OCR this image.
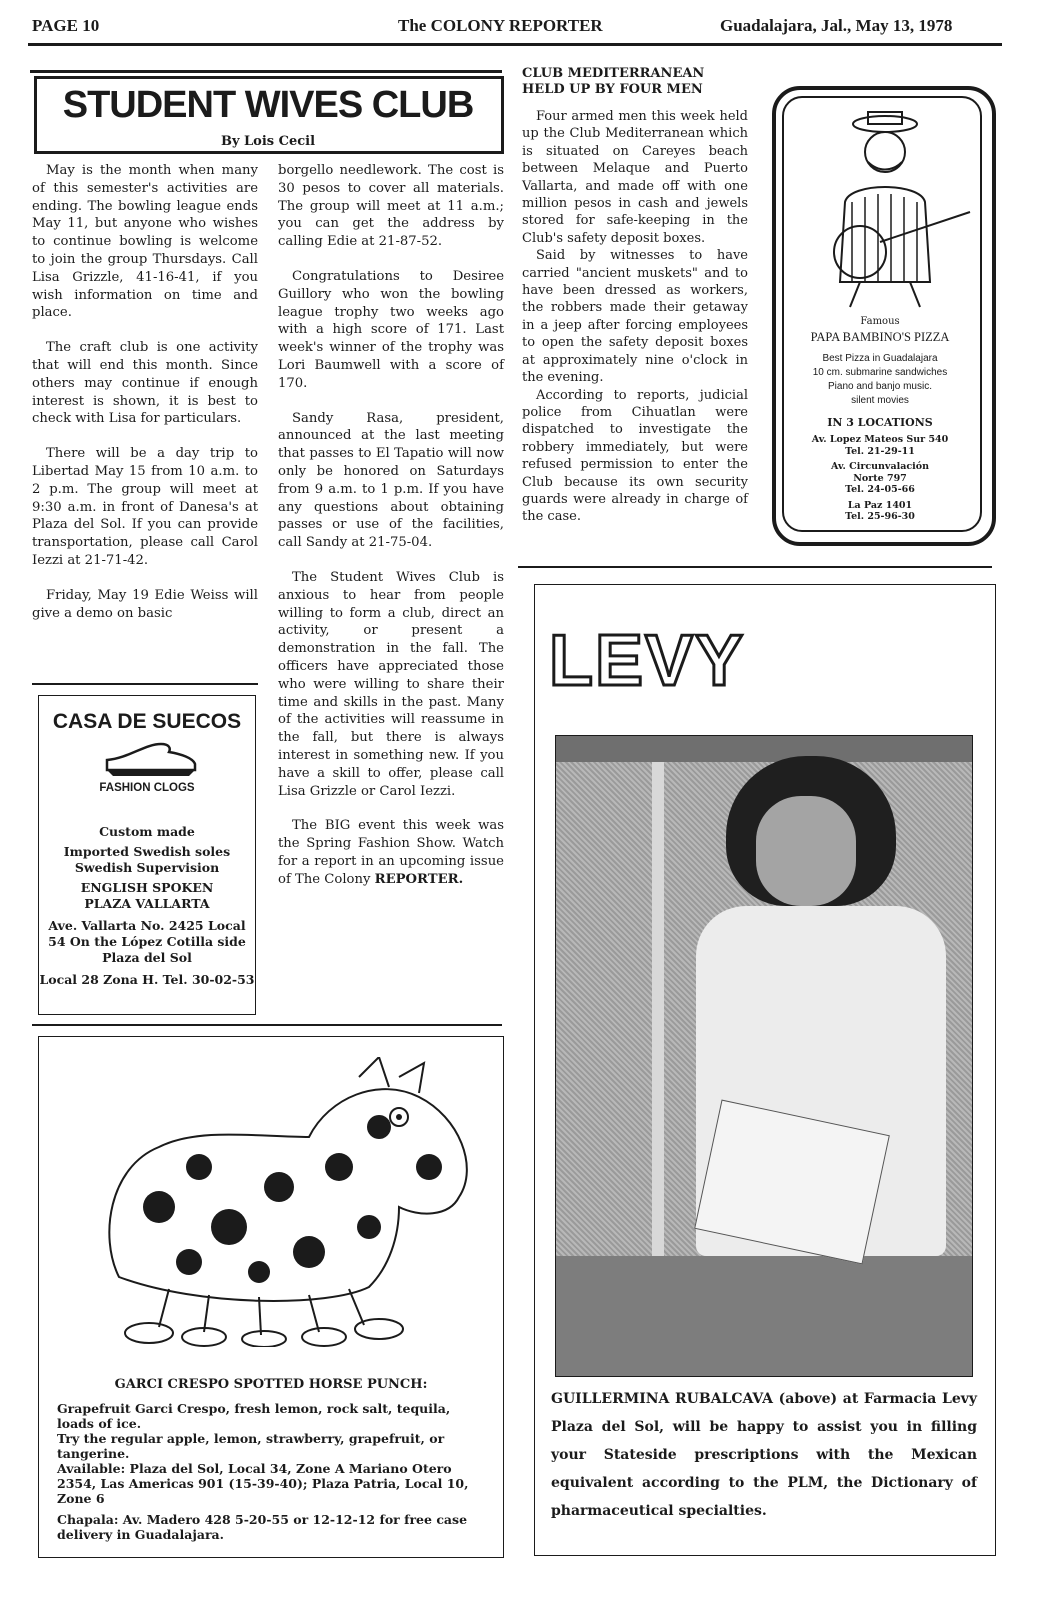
PAGE 10	The COLONY REPORTER	Guadalajara, Jal., May 13, 1978
STUDENT WIVES CLUB
By Lois Cecil

May is the month when many of this semester's activities are ending. The bowling league ends May 11, but anyone who wishes to continue bowling is welcome to join the group Thursdays. Call Lisa Grizzle, 41-16-41, if you wish information on time and place.

The craft club is one activity that will end this month. Since others may continue if enough interest is shown, it is best to check with Lisa for particulars.

There will be a day trip to Libertad May 15 from 10 a.m. to 2 p.m. The group will meet at 9:30 a.m. in front of Danesa's at Plaza del Sol. If you can provide transportation, please call Carol Iezzi at 21-71-42.

Friday, May 19 Edie Weiss will give a demo on basic

borgello needlework. The cost is 30 pesos to cover all materials. The group will meet at 11 a.m.; you can get the address by calling Edie at 21-87-52.

Congratulations to Desiree Guillory who won the bowling league trophy two weeks ago with a high score of 171. Last week's winner of the trophy was Lori Baumwell with a score of 170.

Sandy Rasa, president, announced at the last meeting that passes to El Tapatio will now only be honored on Saturdays from 9 a.m. to 1 p.m. If you have any questions about obtaining passes or use of the facilities, call Sandy at 21-75-04.

The Student Wives Club is anxious to hear from people willing to form a club, direct an activity, or present a demonstration in the fall. The officers have appreciated those who were willing to share their time and skills in the past. Many of the activities will reassume in the fall, but there is always interest in something new. If you have a skill to offer, please call Lisa Grizzle or Carol Iezzi.

The BIG event this week was the Spring Fashion Show. Watch for a report in an upcoming issue of The Colony REPORTER.

CASA DE SUECOS
FASHION CLOGS
Custom made
Imported Swedish soles
Swedish Supervision
ENGLISH SPOKEN
PLAZA VALLARTA
Ave. Vallarta No. 2425 Local
54 On the López Cotilla side
Plaza del Sol
Local 28 Zona H. Tel. 30-02-53
GARCI CRESPO SPOTTED HORSE PUNCH:
Grapefruit Garci Crespo, fresh lemon, rock salt, tequila, loads of ice.
Try the regular apple, lemon, strawberry, grapefruit, or tangerine.
Available: Plaza del Sol, Local 34, Zone A Mariano Otero 2354, Las Americas 901 (15-39-40); Plaza Patria, Local 10, Zone 6
Chapala: Av. Madero 428 5-20-55 or 12-12-12 for free case delivery in Guadalajara.
CLUB MEDITERRANEAN
HELD UP BY FOUR MEN

Four armed men this week held up the Club Mediterranean which is situated on Careyes beach between Melaque and Puerto Vallarta, and made off with one million pesos in cash and jewels stored for safe-keeping in the Club's safety deposit boxes.

Said by witnesses to have carried "ancient muskets" and to have been dressed as workers, the robbers made their getaway in a jeep after forcing employees to open the safety deposit boxes at approximately nine o'clock in the evening.

According to reports, judicial police from Cihuatlan were dispatched to investigate the robbery immediately, but were refused permission to enter the Club because its own security guards were already in charge of the case.

Famous
PAPA BAMBINO'S PIZZA
Best Pizza in Guadalajara
10 cm. submarine sandwiches
Piano and banjo music.
silent movies
IN 3 LOCATIONS
Av. Lopez Mateos Sur 540
Tel. 21-29-11
Av. Circunvalación
Norte 797
Tel. 24-05-66
La Paz 1401
Tel. 25-96-30
LEVY
GUILLERMINA RUBALCAVA (above) at Farmacia Levy Plaza del Sol, will be happy to assist you in filling your Stateside prescriptions with the Mexican equivalent according to the PLM, the Dictionary of pharmaceutical specialties.
